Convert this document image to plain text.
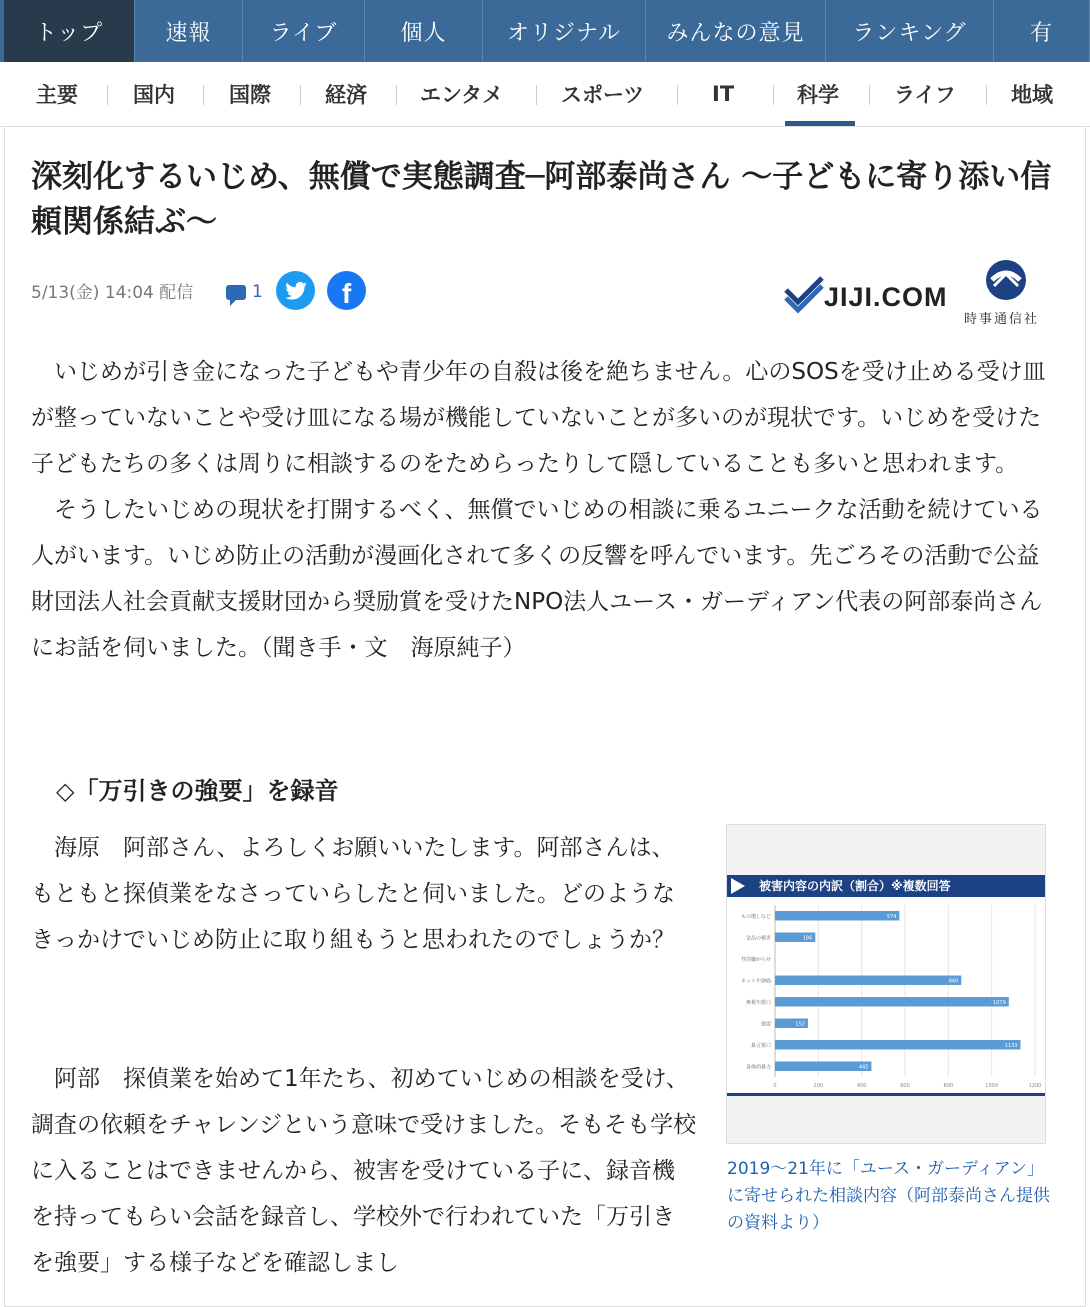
トップ	速報	ライブ	個人	オリジナル	みんなの意見	ランキング	有
主要	国内	国際	経済	エンタメ	スポーツ	IT	科学	ライフ	地域
深刻化するいじめ、無償で実態調査─阿部泰尚さん 〜子どもに寄り添い信頼関係結ぶ〜
5/13(金) 14:04 配信	1	f	JIJI.COM
時事通信社

いじめが引き金になった子どもや青少年の自殺は後を絶ちません。心のSOSを受け止める受け皿が整っていないことや受け皿になる場が機能していないことが多いのが現状です。いじめを受けた子どもたちの多くは周りに相談するのをためらったりして隠していることも多いと思われます。

そうしたいじめの現状を打開するべく、無償でいじめの相談に乗るユニークな活動を続けている人がいます。いじめ防止の活動が漫画化されて多くの反響を呼んでいます。先ごろその活動で公益財団法人社会貢献支援財団から奨励賞を受けたNPO法人ユース・ガーディアン代表の阿部泰尚さんにお話を伺いました。（聞き手・文　海原純子）

◇「万引きの強要」を録音

海原　阿部さん、よろしくお願いいたします。阿部さんは、もともと探偵業をなさっていらしたと伺いました。どのようなきっかけでいじめ防止に取り組もうと思われたのでしょうか？

阿部　探偵業を始めて1年たち、初めていじめの相談を受け、調査の依頼をチャレンジという意味で受けました。そもそも学校に入ることはできませんから、被害を受けている子に、録音機を持ってもらい会話を録音し、学校外で行われていた「万引きを強要」する様子などを確認しまし

被害内容の内訳（割合）※複数回答
0	200	400	600	800	1000	1200
もの壊しなど	574
金品の被害	186
性的嫌がらせ
ネットやSNS	860
無視や陰口	1079
強要	152
暴言罵口	1133
身体的暴力	445
2019〜21年に「ユース・ガーディアン」に寄せられた相談内容（阿部泰尚さん提供の資料より）
